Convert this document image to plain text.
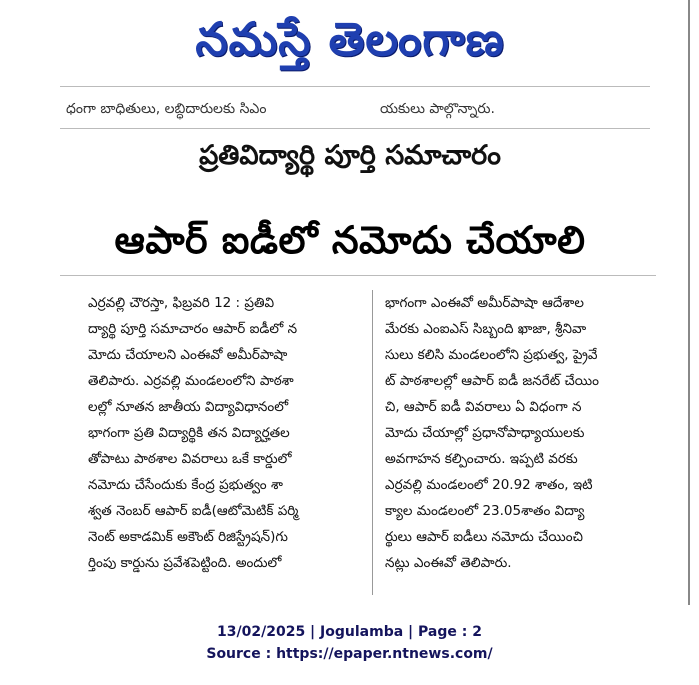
నమస్తే తెలంగాణ
ధంగా బాధితులు, లబ్ధిదారులకు సిఎం	యకులు పాల్గొన్నారు.
ప్రతివిద్యార్థి పూర్తి సమాచారం
ఆపార్‌ ఐడీలో నమోదు చేయాలి
ఎర్రవల్లి చౌరస్తా, ఫిబ్రవరి 12 : ప్రతివి
ద్యార్థి పూర్తి సమాచారం ఆపార్‌ ఐడీలో న
మోదు చేయాలని ఎంఈవో అమీర్‌పాషా
తెలిపారు. ఎర్రవల్లి మండలంలోని పాఠశా
లల్లో నూతన జాతీయ విద్యావిధానంలో
భాగంగా ప్రతి విద్యార్థికి తన విద్యార్హతల
తోపాటు పాఠశాల వివరాలు ఒకే కార్డులో
నమోదు చేసేందుకు కేంద్ర ప్రభుత్వం శా
శ్వత నెంబర్‌ ఆపార్‌ ఐడీ(ఆటోమెటిక్‌ పర్మి
నెంట్‌ అకాడమిక్‌ అకౌంట్‌ రిజిస్ట్రేషన్‌)గు
ర్తింపు కార్డును ప్రవేశపెట్టింది. అందులో
భాగంగా ఎంఈవో అమీర్‌పాషా ఆదేశాల
మేరకు ఎంఐఎస్‌ సిబ్బంది ఖాజా, శ్రీనివా
సులు కలిసి మండలంలోని ప్రభుత్వ, ప్రైవే
ట్‌ పాఠశాలల్లో ఆపార్‌ ఐడీ జనరేట్‌ చేయిం
చి, ఆపార్‌ ఐడీ వివరాలు ఏ విధంగా న
మోదు చేయాల్లో ప్రధానోపాధ్యాయులకు
అవగాహన కల్పించారు. ఇప్పటి వరకు
ఎర్రవల్లి మండలంలో 20.92 శాతం, ఇటి
క్యాల మండలంలో 23.05శాతం విద్యా
ర్థులు ఆపార్‌ ఐడీలు నమోదు చేయించి
నట్లు ఎంఈవో తెలిపారు.
13/02/2025 | Jogulamba | Page : 2
Source : https://epaper.ntnews.com/
